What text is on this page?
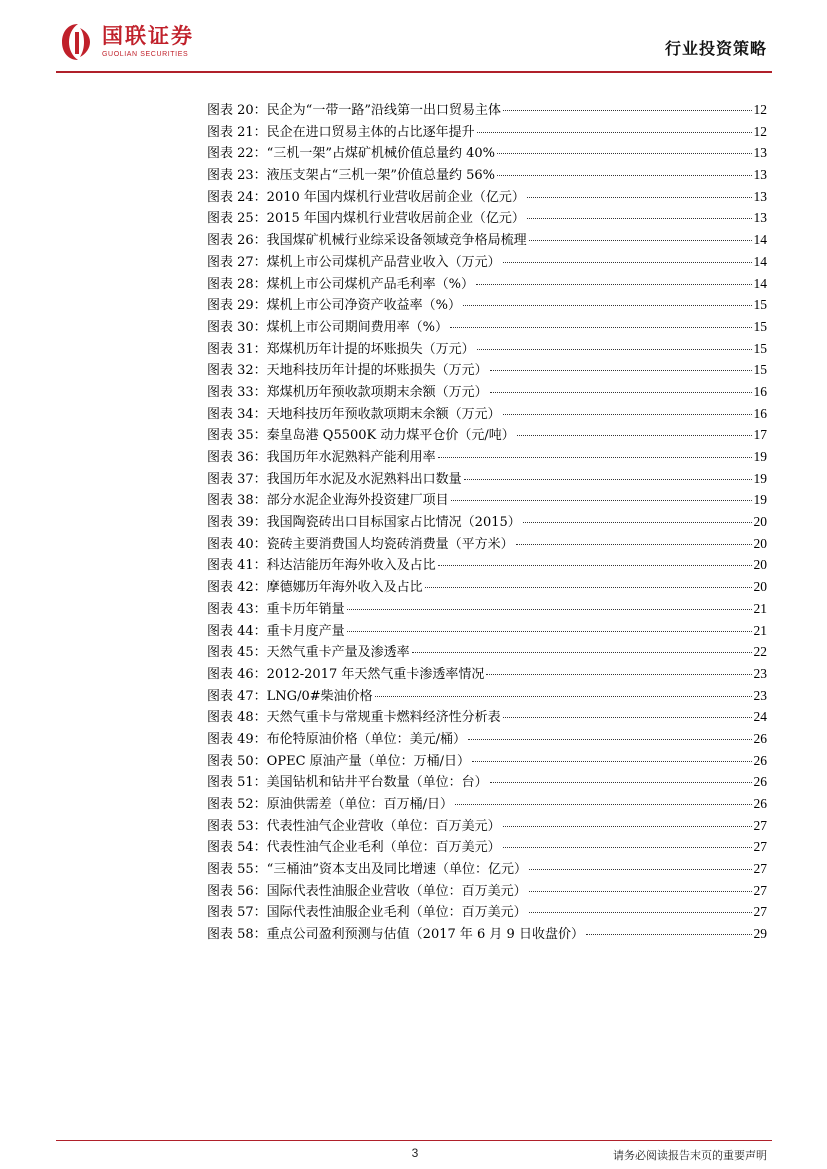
国联证券
GUOLIAN SECURITIES	行业投资策略
图表 20：民企为“一带一路”沿线第一出口贸易主体	12
图表 21：民企在进口贸易主体的占比逐年提升	12
图表 22：“三机一架”占煤矿机械价值总量约 40%	13
图表 23：液压支架占“三机一架”价值总量约 56%	13
图表 24：2010 年国内煤机行业营收居前企业（亿元）	13
图表 25：2015 年国内煤机行业营收居前企业（亿元）	13
图表 26：我国煤矿机械行业综采设备领域竞争格局梳理	14
图表 27：煤机上市公司煤机产品营业收入（万元）	14
图表 28：煤机上市公司煤机产品毛利率（%）	14
图表 29：煤机上市公司净资产收益率（%）	15
图表 30：煤机上市公司期间费用率（%）	15
图表 31：郑煤机历年计提的坏账损失（万元）	15
图表 32：天地科技历年计提的坏账损失（万元）	15
图表 33：郑煤机历年预收款项期末余额（万元）	16
图表 34：天地科技历年预收款项期末余额（万元）	16
图表 35：秦皇岛港 Q5500K 动力煤平仓价（元/吨）	17
图表 36：我国历年水泥熟料产能利用率	19
图表 37：我国历年水泥及水泥熟料出口数量	19
图表 38：部分水泥企业海外投资建厂项目	19
图表 39：我国陶瓷砖出口目标国家占比情况（2015）	20
图表 40：瓷砖主要消费国人均瓷砖消费量（平方米）	20
图表 41：科达洁能历年海外收入及占比	20
图表 42：摩德娜历年海外收入及占比	20
图表 43：重卡历年销量	21
图表 44：重卡月度产量	21
图表 45：天然气重卡产量及渗透率	22
图表 46：2012-2017 年天然气重卡渗透率情况	23
图表 47：LNG/0#柴油价格	23
图表 48：天然气重卡与常规重卡燃料经济性分析表	24
图表 49：布伦特原油价格（单位：美元/桶）	26
图表 50：OPEC 原油产量（单位：万桶/日）	26
图表 51：美国钻机和钻井平台数量（单位：台）	26
图表 52：原油供需差（单位：百万桶/日）	26
图表 53：代表性油气企业营收（单位：百万美元）	27
图表 54：代表性油气企业毛利（单位：百万美元）	27
图表 55：“三桶油”资本支出及同比增速（单位：亿元）	27
图表 56：国际代表性油服企业营收（单位：百万美元）	27
图表 57：国际代表性油服企业毛利（单位：百万美元）	27
图表 58：重点公司盈利预测与估值（2017 年 6 月 9 日收盘价）	29
3	请务必阅读报告末页的重要声明
